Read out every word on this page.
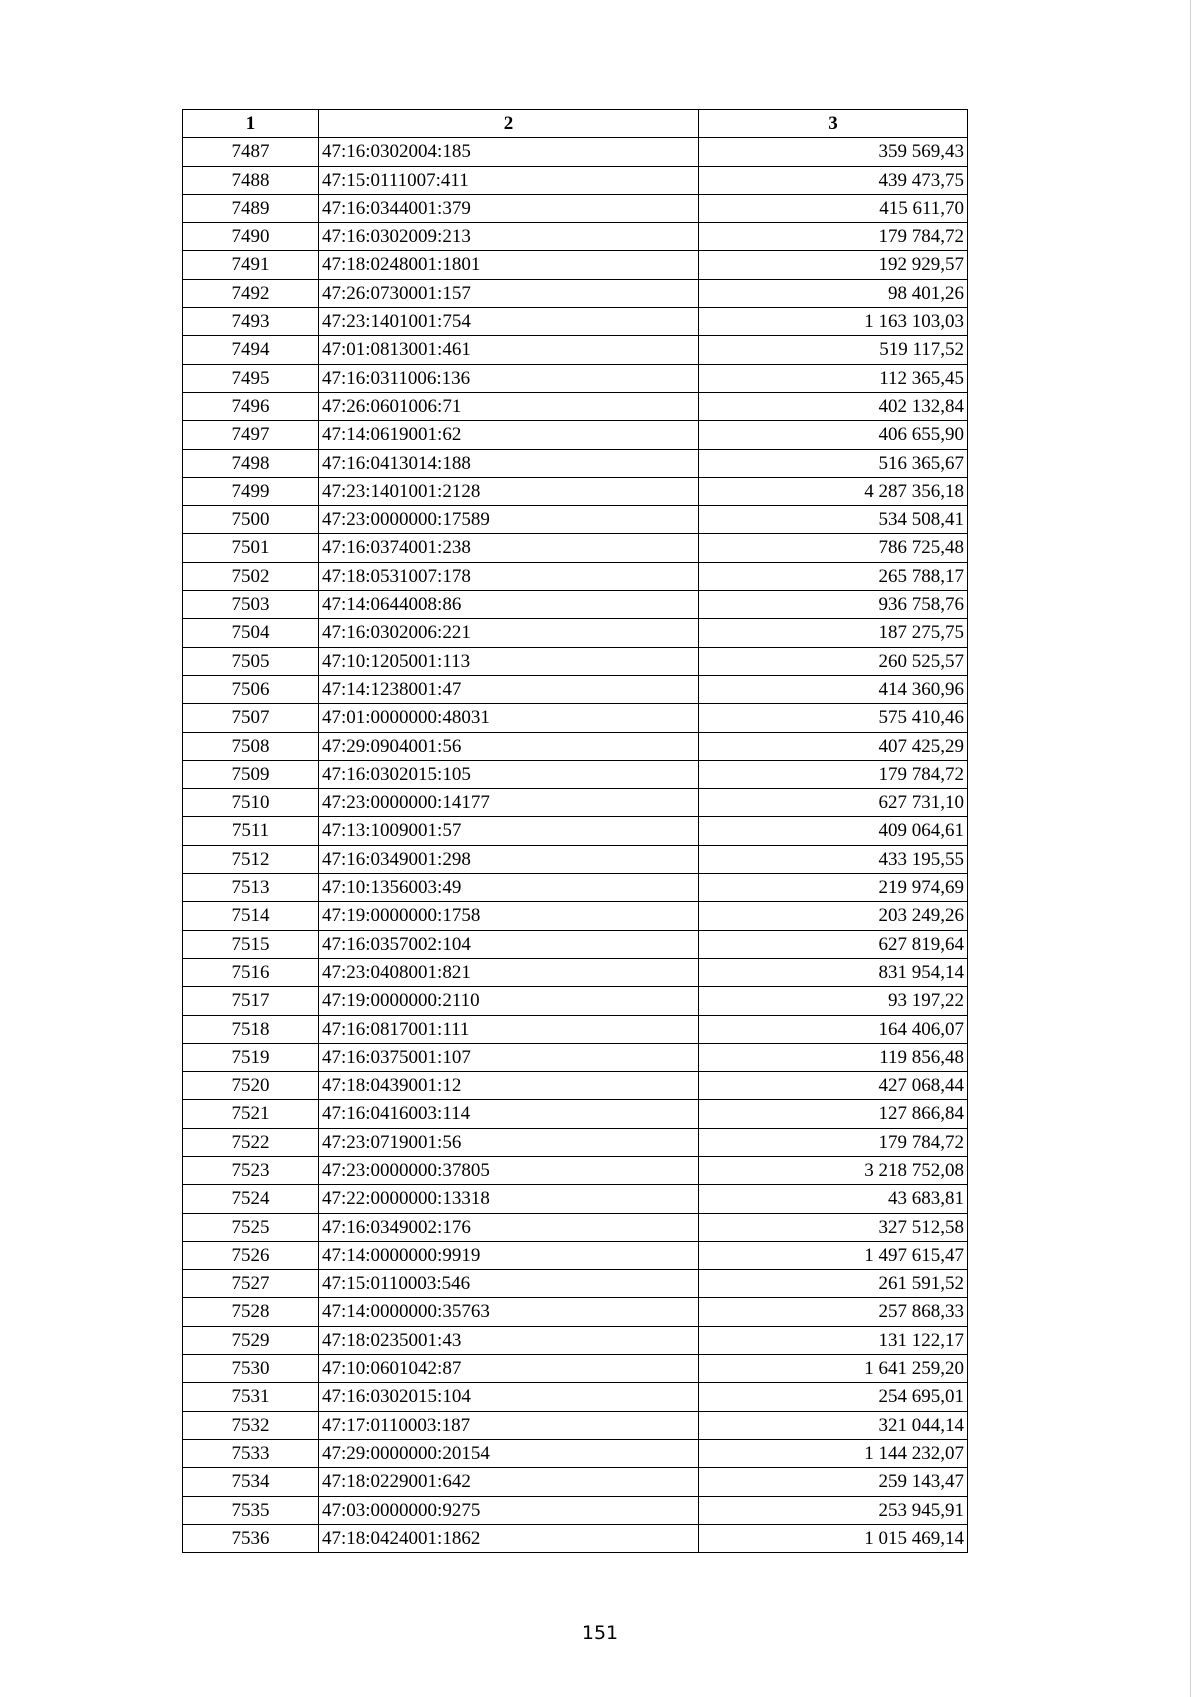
1	2	3
7487	47:16:0302004:185	359 569,43
7488	47:15:0111007:411	439 473,75
7489	47:16:0344001:379	415 611,70
7490	47:16:0302009:213	179 784,72
7491	47:18:0248001:1801	192 929,57
7492	47:26:0730001:157	98 401,26
7493	47:23:1401001:754	1 163 103,03
7494	47:01:0813001:461	519 117,52
7495	47:16:0311006:136	112 365,45
7496	47:26:0601006:71	402 132,84
7497	47:14:0619001:62	406 655,90
7498	47:16:0413014:188	516 365,67
7499	47:23:1401001:2128	4 287 356,18
7500	47:23:0000000:17589	534 508,41
7501	47:16:0374001:238	786 725,48
7502	47:18:0531007:178	265 788,17
7503	47:14:0644008:86	936 758,76
7504	47:16:0302006:221	187 275,75
7505	47:10:1205001:113	260 525,57
7506	47:14:1238001:47	414 360,96
7507	47:01:0000000:48031	575 410,46
7508	47:29:0904001:56	407 425,29
7509	47:16:0302015:105	179 784,72
7510	47:23:0000000:14177	627 731,10
7511	47:13:1009001:57	409 064,61
7512	47:16:0349001:298	433 195,55
7513	47:10:1356003:49	219 974,69
7514	47:19:0000000:1758	203 249,26
7515	47:16:0357002:104	627 819,64
7516	47:23:0408001:821	831 954,14
7517	47:19:0000000:2110	93 197,22
7518	47:16:0817001:111	164 406,07
7519	47:16:0375001:107	119 856,48
7520	47:18:0439001:12	427 068,44
7521	47:16:0416003:114	127 866,84
7522	47:23:0719001:56	179 784,72
7523	47:23:0000000:37805	3 218 752,08
7524	47:22:0000000:13318	43 683,81
7525	47:16:0349002:176	327 512,58
7526	47:14:0000000:9919	1 497 615,47
7527	47:15:0110003:546	261 591,52
7528	47:14:0000000:35763	257 868,33
7529	47:18:0235001:43	131 122,17
7530	47:10:0601042:87	1 641 259,20
7531	47:16:0302015:104	254 695,01
7532	47:17:0110003:187	321 044,14
7533	47:29:0000000:20154	1 144 232,07
7534	47:18:0229001:642	259 143,47
7535	47:03:0000000:9275	253 945,91
7536	47:18:0424001:1862	1 015 469,14
151
